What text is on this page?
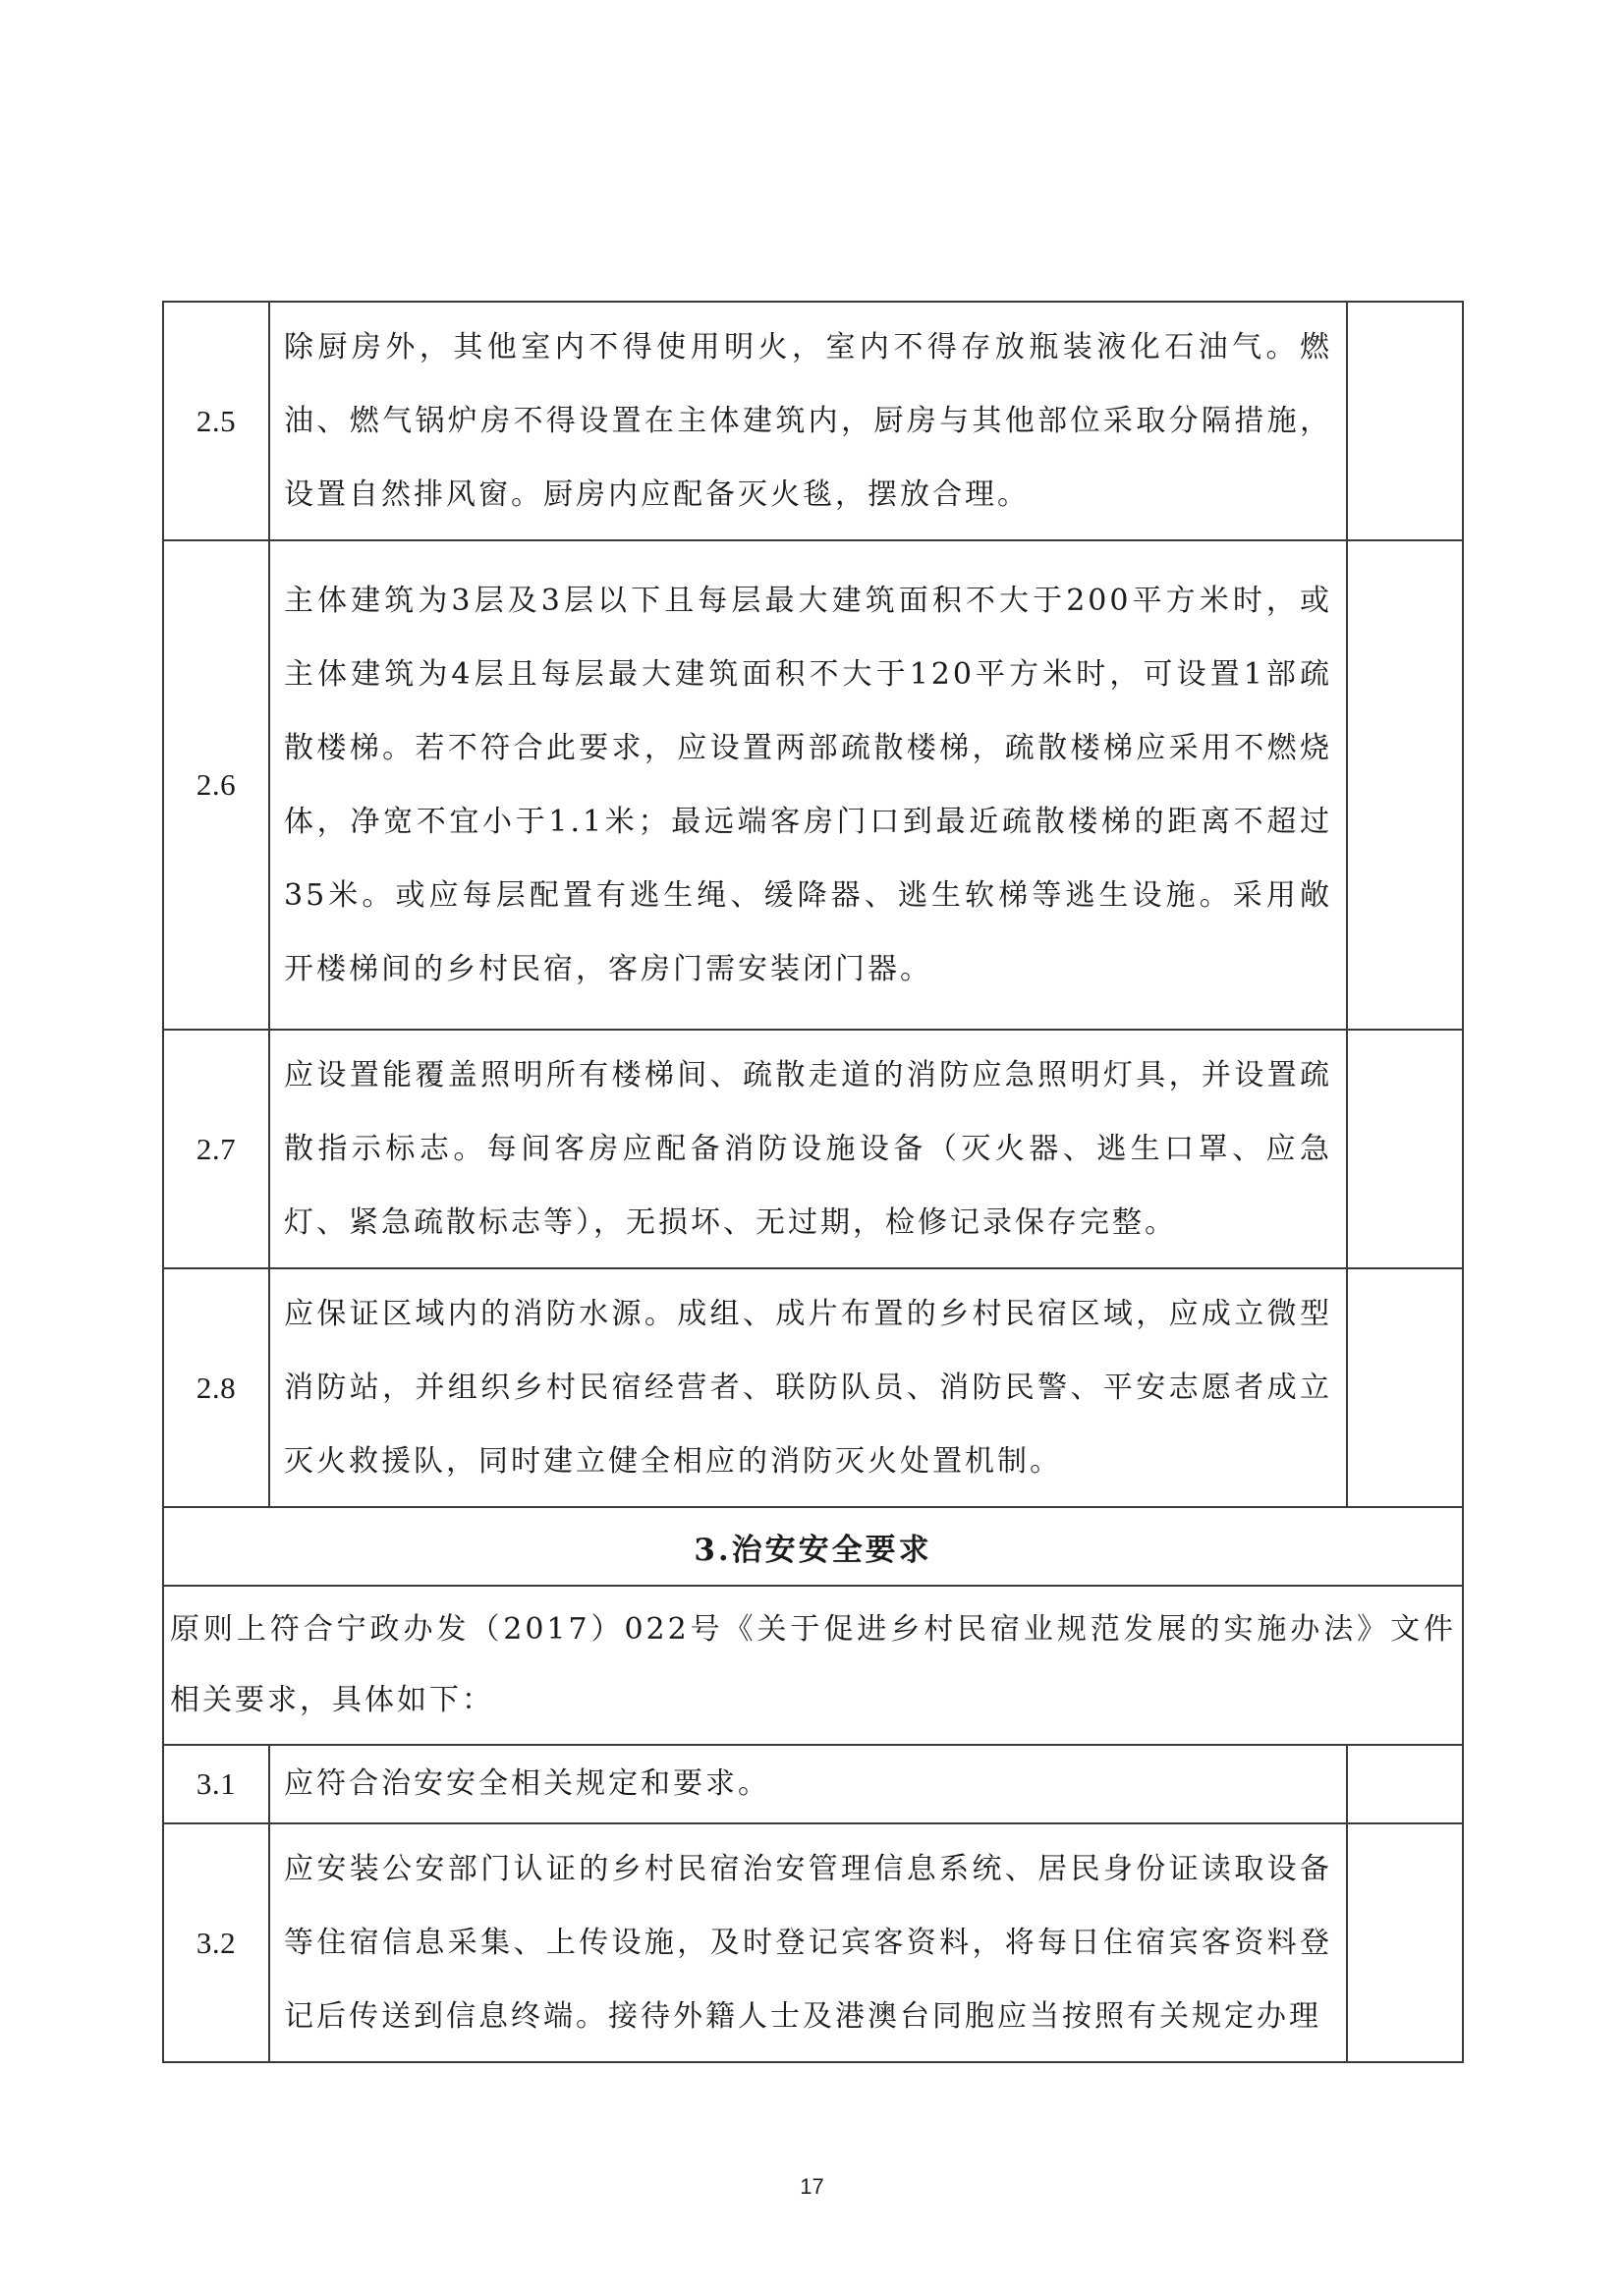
2.5	除厨房外，其他室内不得使用明火，室内不得存放瓶装液化石油气。燃油、燃气锅炉房不得设置在主体建筑内，厨房与其他部位采取分隔措施，设置自然排风窗。厨房内应配备灭火毯，摆放合理。	
2.6	主体建筑为3层及3层以下且每层最大建筑面积不大于200平方米时，或主体建筑为4层且每层最大建筑面积不大于120平方米时，可设置1部疏散楼梯。若不符合此要求，应设置两部疏散楼梯，疏散楼梯应采用不燃烧体，净宽不宜小于1.1米；最远端客房门口到最近疏散楼梯的距离不超过35米。或应每层配置有逃生绳、缓降器、逃生软梯等逃生设施。采用敞开楼梯间的乡村民宿，客房门需安装闭门器。	
2.7	应设置能覆盖照明所有楼梯间、疏散走道的消防应急照明灯具，并设置疏散指示标志。每间客房应配备消防设施设备（灭火器、逃生口罩、应急灯、紧急疏散标志等），无损坏、无过期，检修记录保存完整。	
2.8	应保证区域内的消防水源。成组、成片布置的乡村民宿区域，应成立微型消防站，并组织乡村民宿经营者、联防队员、消防民警、平安志愿者成立灭火救援队，同时建立健全相应的消防灭火处置机制。	
3.治安安全要求		
原则上符合宁政办发（2017）022号《关于促进乡村民宿业规范发展的实施办法》文件相关要求，具体如下：		
3.1	应符合治安安全相关规定和要求。	
3.2	应安装公安部门认证的乡村民宿治安管理信息系统、居民身份证读取设备等住宿信息采集、上传设施，及时登记宾客资料，将每日住宿宾客资料登记后传送到信息终端。接待外籍人士及港澳台同胞应当按照有关规定办理	
17
